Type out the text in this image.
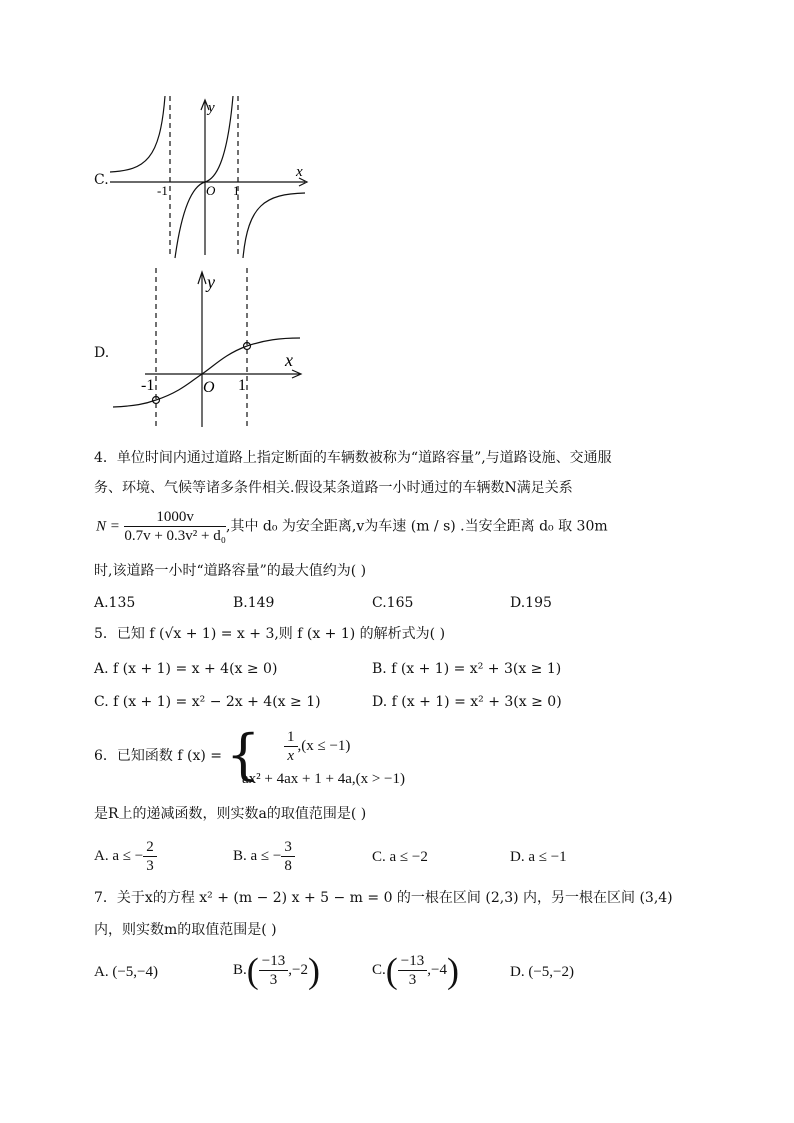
C.
y
x
O
-1	1
D.
y
x
O
-1	1
4．单位时间内通过道路上指定断面的车辆数被称为“道路容量”,与道路设施、交通服
务、环境、气候等诸多条件相关.假设某条道路一小时通过的车辆数N满足关系
$N = \frac{1000v}{\text{0.7v + 0.3v² + d₀}}$ ,其中 d₀ 为安全距离,v为车速 (m / s) .当安全距离 d₀ 取 30m
时,该道路一小时“道路容量”的最大值约为( )
A.135	B.149	C.165	D.195
5．已知 f (√x + 1) = x + 3,则 f (x + 1) 的解析式为( )
A. f (x + 1) = x + 4(x ≥ 0)	B. f (x + 1) = x² + 3(x ≥ 1)
C. f (x + 1) = x² − 2x + 4(x ≥ 1)	D. f (x + 1) = x² + 3(x ≥ 0)
6．已知函数 f (x) = { $\frac{1}{x} ,(x \le -1)$
ax² + 4ax + 1 + 4a,(x > −1)
是R上的递减函数，则实数a的取值范围是( )
A. a ≤ − $\frac{2}{3}$	B. a ≤ − $\frac{3}{8}$	C. a ≤ −2	D. a ≤ −1
7．关于x的方程 x² + (m − 2) x + 5 − m = 0 的一根在区间 (2,3) 内，另一根在区间 (3,4)
内，则实数m的取值范围是( )
A. (−5,−4)	$B.( \frac{-13}{3} ,-2)$	$C.( \frac{-13}{3} ,-4)$	D. (−5,−2)
